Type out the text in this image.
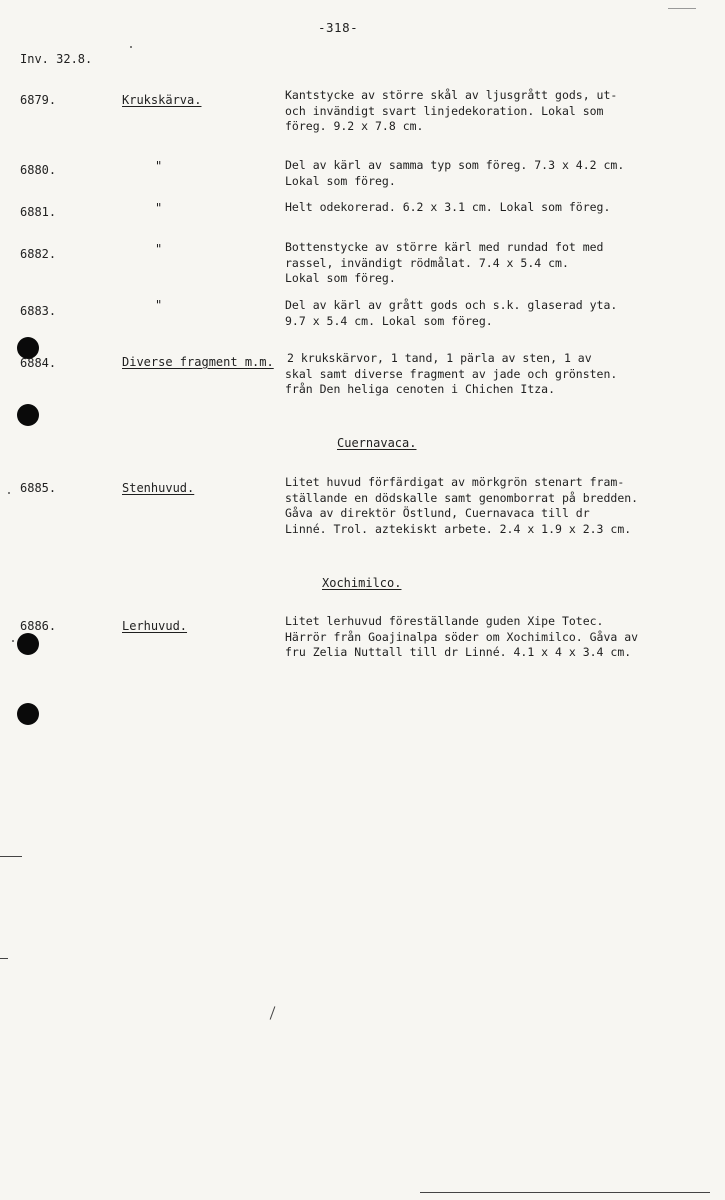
-318-
Inv. 32.8.
6879.	Krukskärva.	Kantstycke av större skål av ljusgrått gods, ut-
och invändigt svart linjedekoration. Lokal som
föreg. 9.2 x 7.8 cm.
6880.	"	Del av kärl av samma typ som föreg. 7.3 x 4.2 cm.
Lokal som föreg.
6881.	"	Helt odekorerad. 6.2 x 3.1 cm. Lokal som föreg.
6882.	"	Bottenstycke av större kärl med rundad fot med
rassel, invändigt rödmålat. 7.4 x 5.4 cm.
Lokal som föreg.
6883.	"	Del av kärl av grått gods och s.k. glaserad yta.
9.7 x 5.4 cm. Lokal som föreg.
6884.	Diverse fragment m.m. 2 krukskärvor, 1 tand, 1 pärla av sten, 1 av
skal samt diverse fragment av jade och grönsten.
från Den heliga cenoten i Chichen Itza.
Cuernavaca.
6885.	Stenhuvud.	Litet huvud förfärdigat av mörkgrön stenart fram-
ställande en dödskalle samt genomborrat på bredden.
Gåva av direktör Östlund, Cuernavaca till dr
Linné. Trol. aztekiskt arbete. 2.4 x 1.9 x 2.3 cm.
Xochimilco.
6886.	Lerhuvud.	Litet lerhuvud föreställande guden Xipe Totec.
Härrör från Goajinalpa söder om Xochimilco. Gåva av
fru Zelia Nuttall till dr Linné. 4.1 x 4 x 3.4 cm.
